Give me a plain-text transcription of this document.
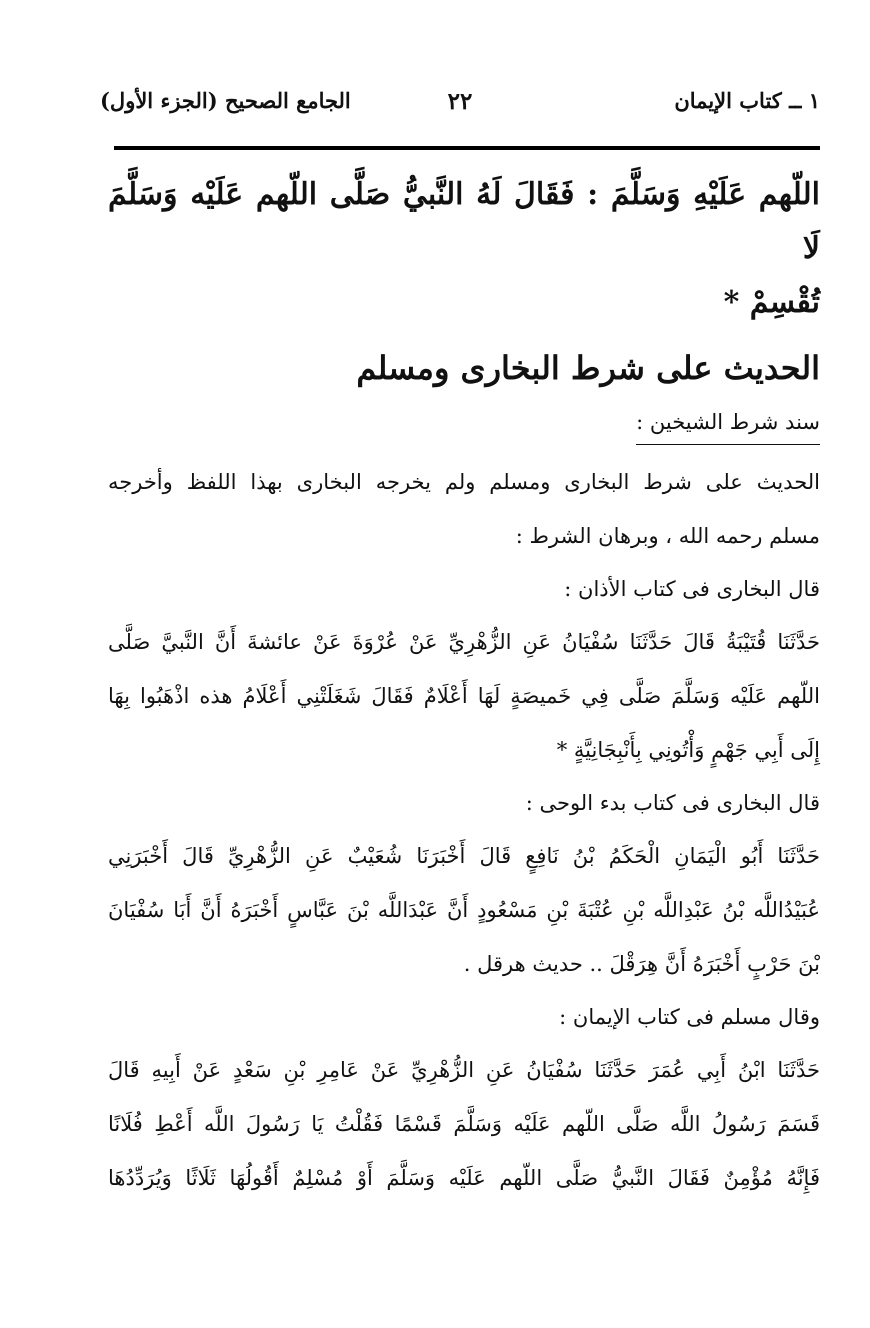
١ ــ كتاب الإيمان
٢٢
الجامع الصحيح (الجزء الأول)

اللّهم عَلَيْهِ وَسَلَّمَ : فَقَالَ لَهُ النَّبيُّ صَلَّى اللّهم عَلَيْه وَسَلَّمَ لَا

تُقْسِمْ *

الحديث على شرط البخارى ومسلم

سند شرط الشيخين :

الحديث على شرط البخارى ومسلم ولم يخرجه البخارى بهذا اللفظ وأخرجه

مسلم رحمه الله ، وبرهان الشرط :

قال البخارى فى كتاب الأذان :

حَدَّثَنَا قُتَيْبَةُ قَالَ حَدَّثَنَا سُفْيَانُ عَنِ الزُّهْرِيِّ عَنْ عُرْوَةَ عَنْ عائشةَ أَنَّ النَّبيَّ صَلَّى

اللّهم عَلَيْه وَسَلَّمَ صَلَّى فِي خَميصَةٍ لَهَا أَعْلَامٌ فَقَالَ شَغَلَتْنِي أَعْلَامُ هذه اذْهَبُوا بِهَا

إِلَى أَبِي جَهْمٍ وَأْتُونِي بِأَنْبِجَانِيَّةٍ *

قال البخارى فى كتاب بدء الوحى :

حَدَّثَنَا أَبُو الْيَمَانِ الْحَكَمُ بْنُ نَافِعٍ قَالَ أَخْبَرَنَا شُعَيْبٌ عَنِ الزُّهْرِيِّ قَالَ أَخْبَرَنِي

عُبَيْدُاللَّه بْنُ عَبْدِاللَّه بْنِ عُتْبَةَ بْنِ مَسْعُودٍ أَنَّ عَبْدَاللَّه بْنَ عَبَّاسٍ أَخْبَرَهُ أَنَّ أَبَا سُفْيَانَ

بْنَ حَرْبٍ أَخْبَرَهُ أَنَّ هِرَقْلَ .. حديث هرقل .

وقال مسلم فى كتاب الإيمان :

حَدَّثَنَا ابْنُ أَبِي عُمَرَ حَدَّثَنَا سُفْيَانُ عَنِ الزُّهْرِيِّ عَنْ عَامِرِ بْنِ سَعْدٍ عَنْ أَبِيهِ قَالَ

قَسَمَ رَسُولُ اللَّه صَلَّى اللّهم عَلَيْه وَسَلَّمَ قَسْمًا فَقُلْتُ يَا رَسُولَ اللَّه أَعْطِ فُلَانًا

فَإِنَّهُ مُؤْمِنٌ فَقَالَ النَّبيُّ صَلَّى اللّهم عَلَيْه وَسَلَّمَ أَوْ مُسْلِمٌ أَقُولُهَا ثَلَاثًا وَيُرَدِّدُهَا
